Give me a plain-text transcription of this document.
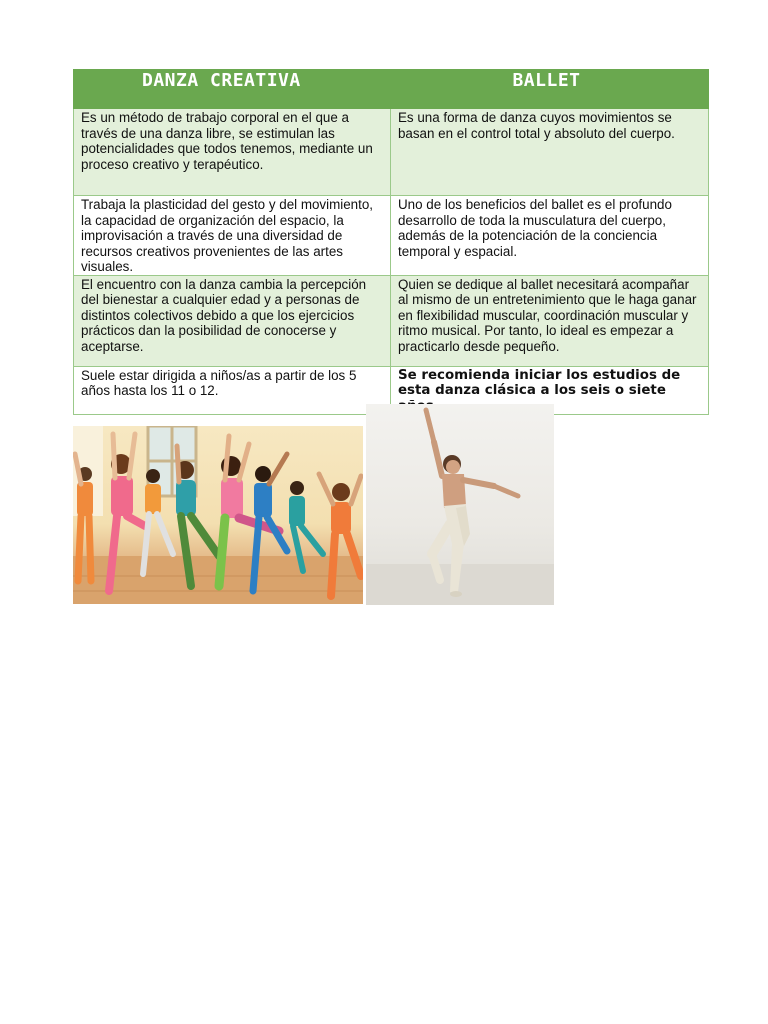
DANZA CREATIVA	BALLET

Es un método de trabajo corporal en el que a través de una danza libre, se estimulan las potencialidades que todos tenemos, mediante un proceso creativo y terapéutico.	Es una forma de danza cuyos movimientos se basan en el control total y absoluto del cuerpo.
Trabaja la plasticidad del gesto y del movimiento, la capacidad de organización del espacio, la improvisación a través de una diversidad de recursos creativos provenientes de las artes visuales.	Uno de los beneficios del ballet es el profundo desarrollo de toda la musculatura del cuerpo, además de la potenciación de la conciencia temporal y espacial.
El encuentro con la danza cambia la percepción del bienestar a cualquier edad y a personas de distintos colectivos debido a que los ejercicios prácticos dan la posibilidad de conocerse y aceptarse.	Quien se dedique al ballet necesitará acompañar al mismo de un entretenimiento que le haga ganar en flexibilidad muscular, coordinación muscular y ritmo musical. Por tanto, lo ideal es empezar a practicarlo desde pequeño.
Suele estar dirigida a niños/as a partir de los 5 años hasta los 11 o 12.	Se recomienda iniciar los estudios de esta danza clásica a los seis o siete
